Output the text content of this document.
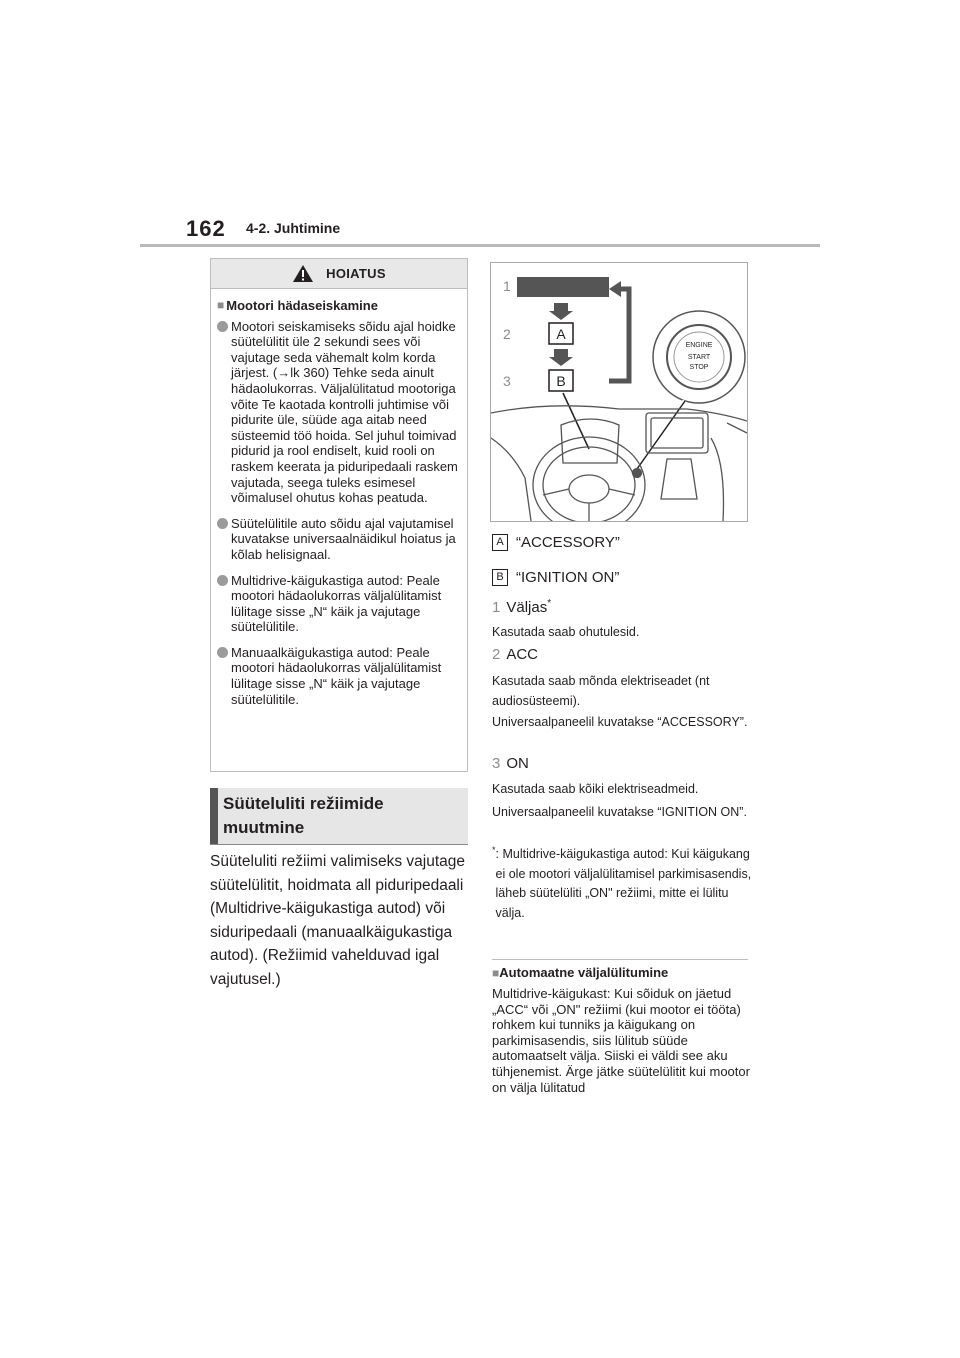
162 4-2. Juhtimine
HOIATUS
■ Mootori hädaseiskamine
Mootori seiskamiseks sõidu ajal hoidke süütelülitit üle 2 sekundi sees või vajutage seda vähemalt kolm korda järjest. (→lk 360) Tehke seda ainult hädaolukorras. Väljalülitatud mootoriga võite Te kaotada kontrolli juhtimise või pidurite üle, süüde aga aitab need süsteemid töö hoida. Sel juhul toimivad pidurid ja rool endiselt, kuid rooli on raskem keerata ja piduripedaali raskem vajutada, seega tuleks esimesel võimalusel ohutus kohas peatuda.
Süütelülitile auto sõidu ajal vajutamisel kuvatakse universaalnäidikul hoiatus ja kõlab helisignaal.
Multidrive-käigukastiga autod: Peale mootori hädaolukorras väljalülitamist lülitage sisse „N“ käik ja vajutage süütelülitile.
Manuaalkäigukastiga autod: Peale mootori hädaolukorras väljalülitamist lülitage sisse „N“ käik ja vajutage süütelülitile.
Süüteluliti režiimide
muutmine
Süüteluliti režiimi valimiseks vajutage süütelülitit, hoidmata all piduripedaali (Multidrive-käigukastiga autod) või siduripedaali (manuaalkäigukastiga autod). (Režiimid vahelduvad igal vajutusel.)
1
2	A
3	B
ENGINE
START
STOP
A “ACCESSORY”
B “IGNITION ON”
1 Väljas*
Kasutada saab ohutulesid.
2 ACC
Kasutada saab mõnda elektriseadet (nt audiosüsteemi).
Universaalpaneelil kuvatakse “ACCESSORY”.
3 ON
Kasutada saab kõiki elektriseadmeid.
Universaalpaneelil kuvatakse “IGNITION ON”.
* : Multidrive-käigukastiga autod: Kui käigukang ei ole mootori väljalülitamisel parkimisasendis, läheb süütelüliti „ON" režiimi, mitte ei lülitu välja.
■Automaatne väljalülitumine
Multidrive-käigukast: Kui sõiduk on jäetud „ACC“ või „ON" režiimi (kui mootor ei tööta) rohkem kui tunniks ja käigukang on parkimisasendis, siis lülitub süüde automaatselt välja. Siiski ei väldi see aku tühjenemist. Ärge jätke süütelülitit kui mootor on välja lülitatud
